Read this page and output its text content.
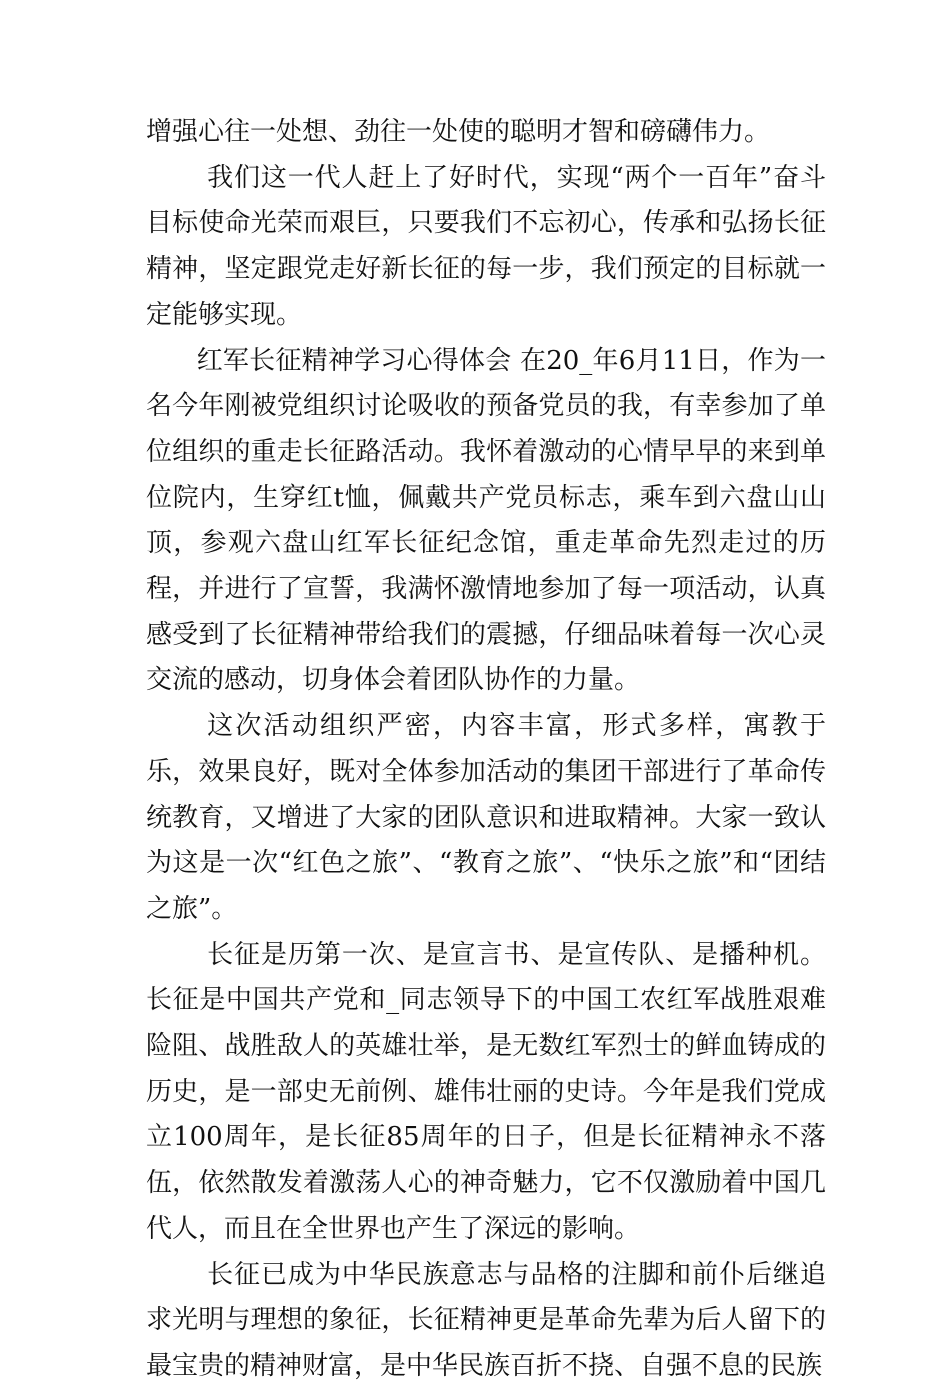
增强心往一处想、劲往一处使的聪明才智和磅礴伟力。

我们这一代人赶上了好时代，实现“两个一百年”奋斗目标使命光荣而艰巨，只要我们不忘初心，传承和弘扬长征精神，坚定跟党走好新长征的每一步，我们预定的目标就一定能够实现。

红军长征精神学习心得体会 在20_年6月11日，作为一名今年刚被党组织讨论吸收的预备党员的我，有幸参加了单位组织的重走长征路活动。我怀着激动的心情早早的来到单位院内，生穿红t恤，佩戴共产党员标志，乘车到六盘山山顶，参观六盘山红军长征纪念馆，重走革命先烈走过的历程，并进行了宣誓，我满怀激情地参加了每一项活动，认真感受到了长征精神带给我们的震撼，仔细品味着每一次心灵交流的感动，切身体会着团队协作的力量。

这次活动组织严密，内容丰富，形式多样，寓教于乐，效果良好，既对全体参加活动的集团干部进行了革命传统教育，又增进了大家的团队意识和进取精神。大家一致认为这是一次“红色之旅”、“教育之旅”、“快乐之旅”和“团结之旅”。

长征是历第一次、是宣言书、是宣传队、是播种机。长征是中国共产党和_同志领导下的中国工农红军战胜艰难险阻、战胜敌人的英雄壮举，是无数红军烈士的鲜血铸成的历史，是一部史无前例、雄伟壮丽的史诗。今年是我们党成立100周年，是长征85周年的日子，但是长征精神永不落伍，依然散发着激荡人心的神奇魅力，它不仅激励着中国几代人，而且在全世界也产生了深远的影响。

长征已成为中华民族意志与品格的注脚和前仆后继追求光明与理想的象征，长征精神更是革命先辈为后人留下的最宝贵的精神财富，是中华民族百折不挠、自强不息的民族
